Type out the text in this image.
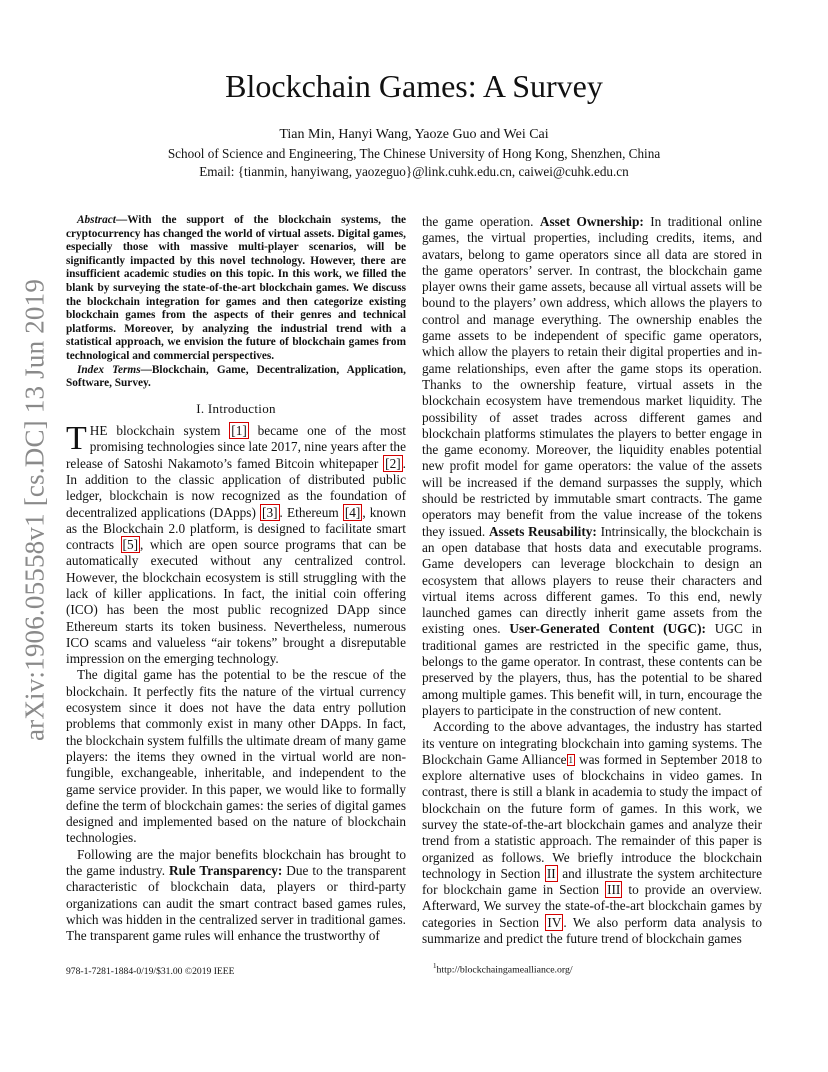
arXiv:1906.05558v1 [cs.DC] 13 Jun 2019
Blockchain Games: A Survey
Tian Min, Hanyi Wang, Yaoze Guo and Wei Cai
School of Science and Engineering, The Chinese University of Hong Kong, Shenzhen, China
Email: {tianmin, hanyiwang, yaozeguo}@link.cuhk.edu.cn, caiwei@cuhk.edu.cn

Abstract—With the support of the blockchain systems, the cryptocurrency has changed the world of virtual assets. Digital games, especially those with massive multi-player scenarios, will be significantly impacted by this novel technology. However, there are insufficient academic studies on this topic. In this work, we filled the blank by surveying the state-of-the-art blockchain games. We discuss the blockchain integration for games and then categorize existing blockchain games from the aspects of their genres and technical platforms. Moreover, by analyzing the industrial trend with a statistical approach, we envision the future of blockchain games from technological and commercial perspectives.

Index Terms—Blockchain, Game, Decentralization, Application, Software, Survey.

I. Introduction

THE blockchain system [1] became one of the most promising technologies since late 2017, nine years after the release of Satoshi Nakamoto’s famed Bitcoin whitepaper [2] . In addition to the classic application of distributed public ledger, blockchain is now recognized as the foundation of decentralized applications (DApps) [3] . Ethereum [4] , known as the Blockchain 2.0 platform, is designed to facilitate smart contracts [5] , which are open source programs that can be automatically executed without any centralized control. However, the blockchain ecosystem is still struggling with the lack of killer applications. In fact, the initial coin offering (ICO) has been the most public recognized DApp since Ethereum starts its token business. Nevertheless, numerous ICO scams and valueless “air tokens” brought a disreputable impression on the emerging technology.

The digital game has the potential to be the rescue of the blockchain. It perfectly fits the nature of the virtual currency ecosystem since it does not have the data entry pollution problems that commonly exist in many other DApps. In fact, the blockchain system fulfills the ultimate dream of many game players: the items they owned in the virtual world are non-fungible, exchangeable, inheritable, and independent to the game service provider. In this paper, we would like to formally define the term of blockchain games: the series of digital games designed and implemented based on the nature of blockchain technologies.

Following are the major benefits blockchain has brought to the game industry. Rule Transparency: Due to the transparent characteristic of blockchain data, players or third-party organizations can audit the smart contract based games rules, which was hidden in the centralized server in traditional games. The transparent game rules will enhance the trustworthy of

the game operation. Asset Ownership: In traditional online games, the virtual properties, including credits, items, and avatars, belong to game operators since all data are stored in the game operators’ server. In contrast, the blockchain game player owns their game assets, because all virtual assets will be bound to the players’ own address, which allows the players to control and manage everything. The ownership enables the game assets to be independent of specific game operators, which allow the players to retain their digital properties and in-game relationships, even after the game stops its operation. Thanks to the ownership feature, virtual assets in the blockchain ecosystem have tremendous market liquidity. The possibility of asset trades across different games and blockchain platforms stimulates the players to better engage in the game economy. Moreover, the liquidity enables potential new profit model for game operators: the value of the assets will be increased if the demand surpasses the supply, which should be restricted by immutable smart contracts. The game operators may benefit from the value increase of the tokens they issued. Assets Reusability: Intrinsically, the blockchain is an open database that hosts data and executable programs. Game developers can leverage blockchain to design an ecosystem that allows players to reuse their characters and virtual items across different games. To this end, newly launched games can directly inherit game assets from the existing ones. User-Generated Content (UGC): UGC in traditional games are restricted in the specific game, thus, belongs to the game operator. In contrast, these contents can be preserved by the players, thus, has the potential to be shared among multiple games. This benefit will, in turn, encourage the players to participate in the construction of new content.

According to the above advantages, the industry has started its venture on integrating blockchain into gaming systems. The Blockchain Game Alliance $^1$ was formed in September 2018 to explore alternative uses of blockchains in video games. In contrast, there is still a blank in academia to study the impact of blockchain on the future form of games. In this work, we survey the state-of-the-art blockchain games and analyze their trend from a statistic approach. The remainder of this paper is organized as follows. We briefly introduce the blockchain technology in Section II and illustrate the system architecture for blockchain game in Section III to provide an overview. Afterward, We survey the state-of-the-art blockchain games by categories in Section IV . We also perform data analysis to summarize and predict the future trend of blockchain games

$^1$http://blockchaingamealliance.org/
978-1-7281-1884-0/19/$31.00 ©2019 IEEE
